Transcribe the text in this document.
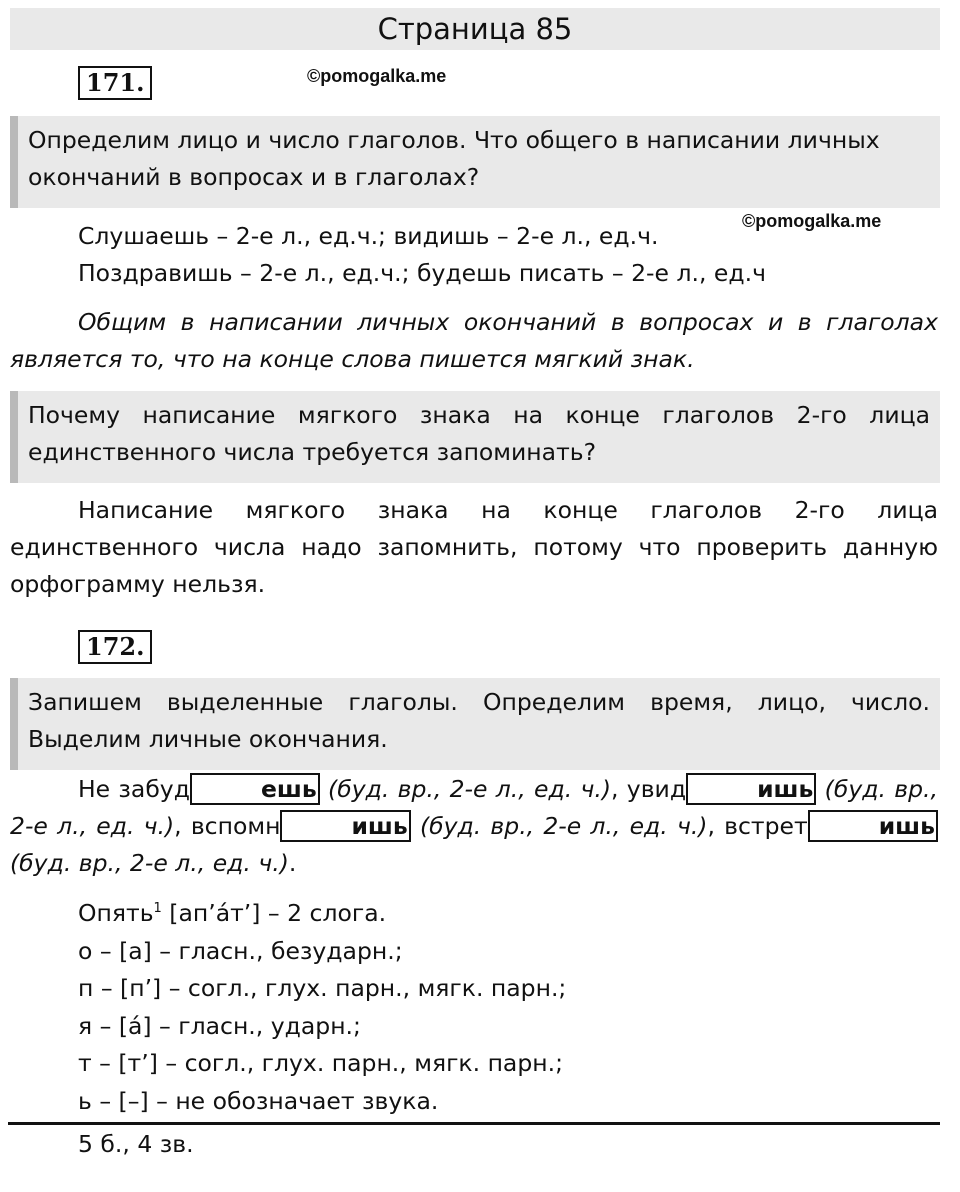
Страница 85
171.	©pomogalka.me
Определим лицо и число глаголов. Что общего в написании личных окончаний в вопросах и в глаголах?
©pomogalka.me
Слушаешь – 2-е л., ед.ч.; видишь – 2-е л., ед.ч.
Поздравишь – 2-е л., ед.ч.; будешь писать – 2-е л., ед.ч
Общим в написании личных окончаний в вопросах и в глаголах является то, что на конце слова пишется мягкий знак.
Почему написание мягкого знака на конце глаголов 2-го лица единственного числа требуется запоминать?
Написание мягкого знака на конце глаголов 2-го лица единственного числа надо запомнить, потому что проверить данную орфограмму нельзя.
172.
Запишем выделенные глаголы. Определим время, лицо, число. Выделим личные окончания.
Не забуд	ешь (буд. вр., 2-е л., ед. ч.), увид	ишь (буд. вр., 2-е л., ед. ч.), вспомн	ишь (буд. вр., 2-е л., ед. ч.), встрет	ишь (буд. вр., 2-е л., ед. ч.).
Опять$^1$ [ап’áт’] – 2 слога.
о – [а] – гласн., безударн.;
п – [п’] – согл., глух. парн., мягк. парн.;
я – [á] – гласн., ударн.;
т – [т’] – согл., глух. парн., мягк. парн.;
ь – [–] – не обозначает звука.
5 б., 4 зв.
